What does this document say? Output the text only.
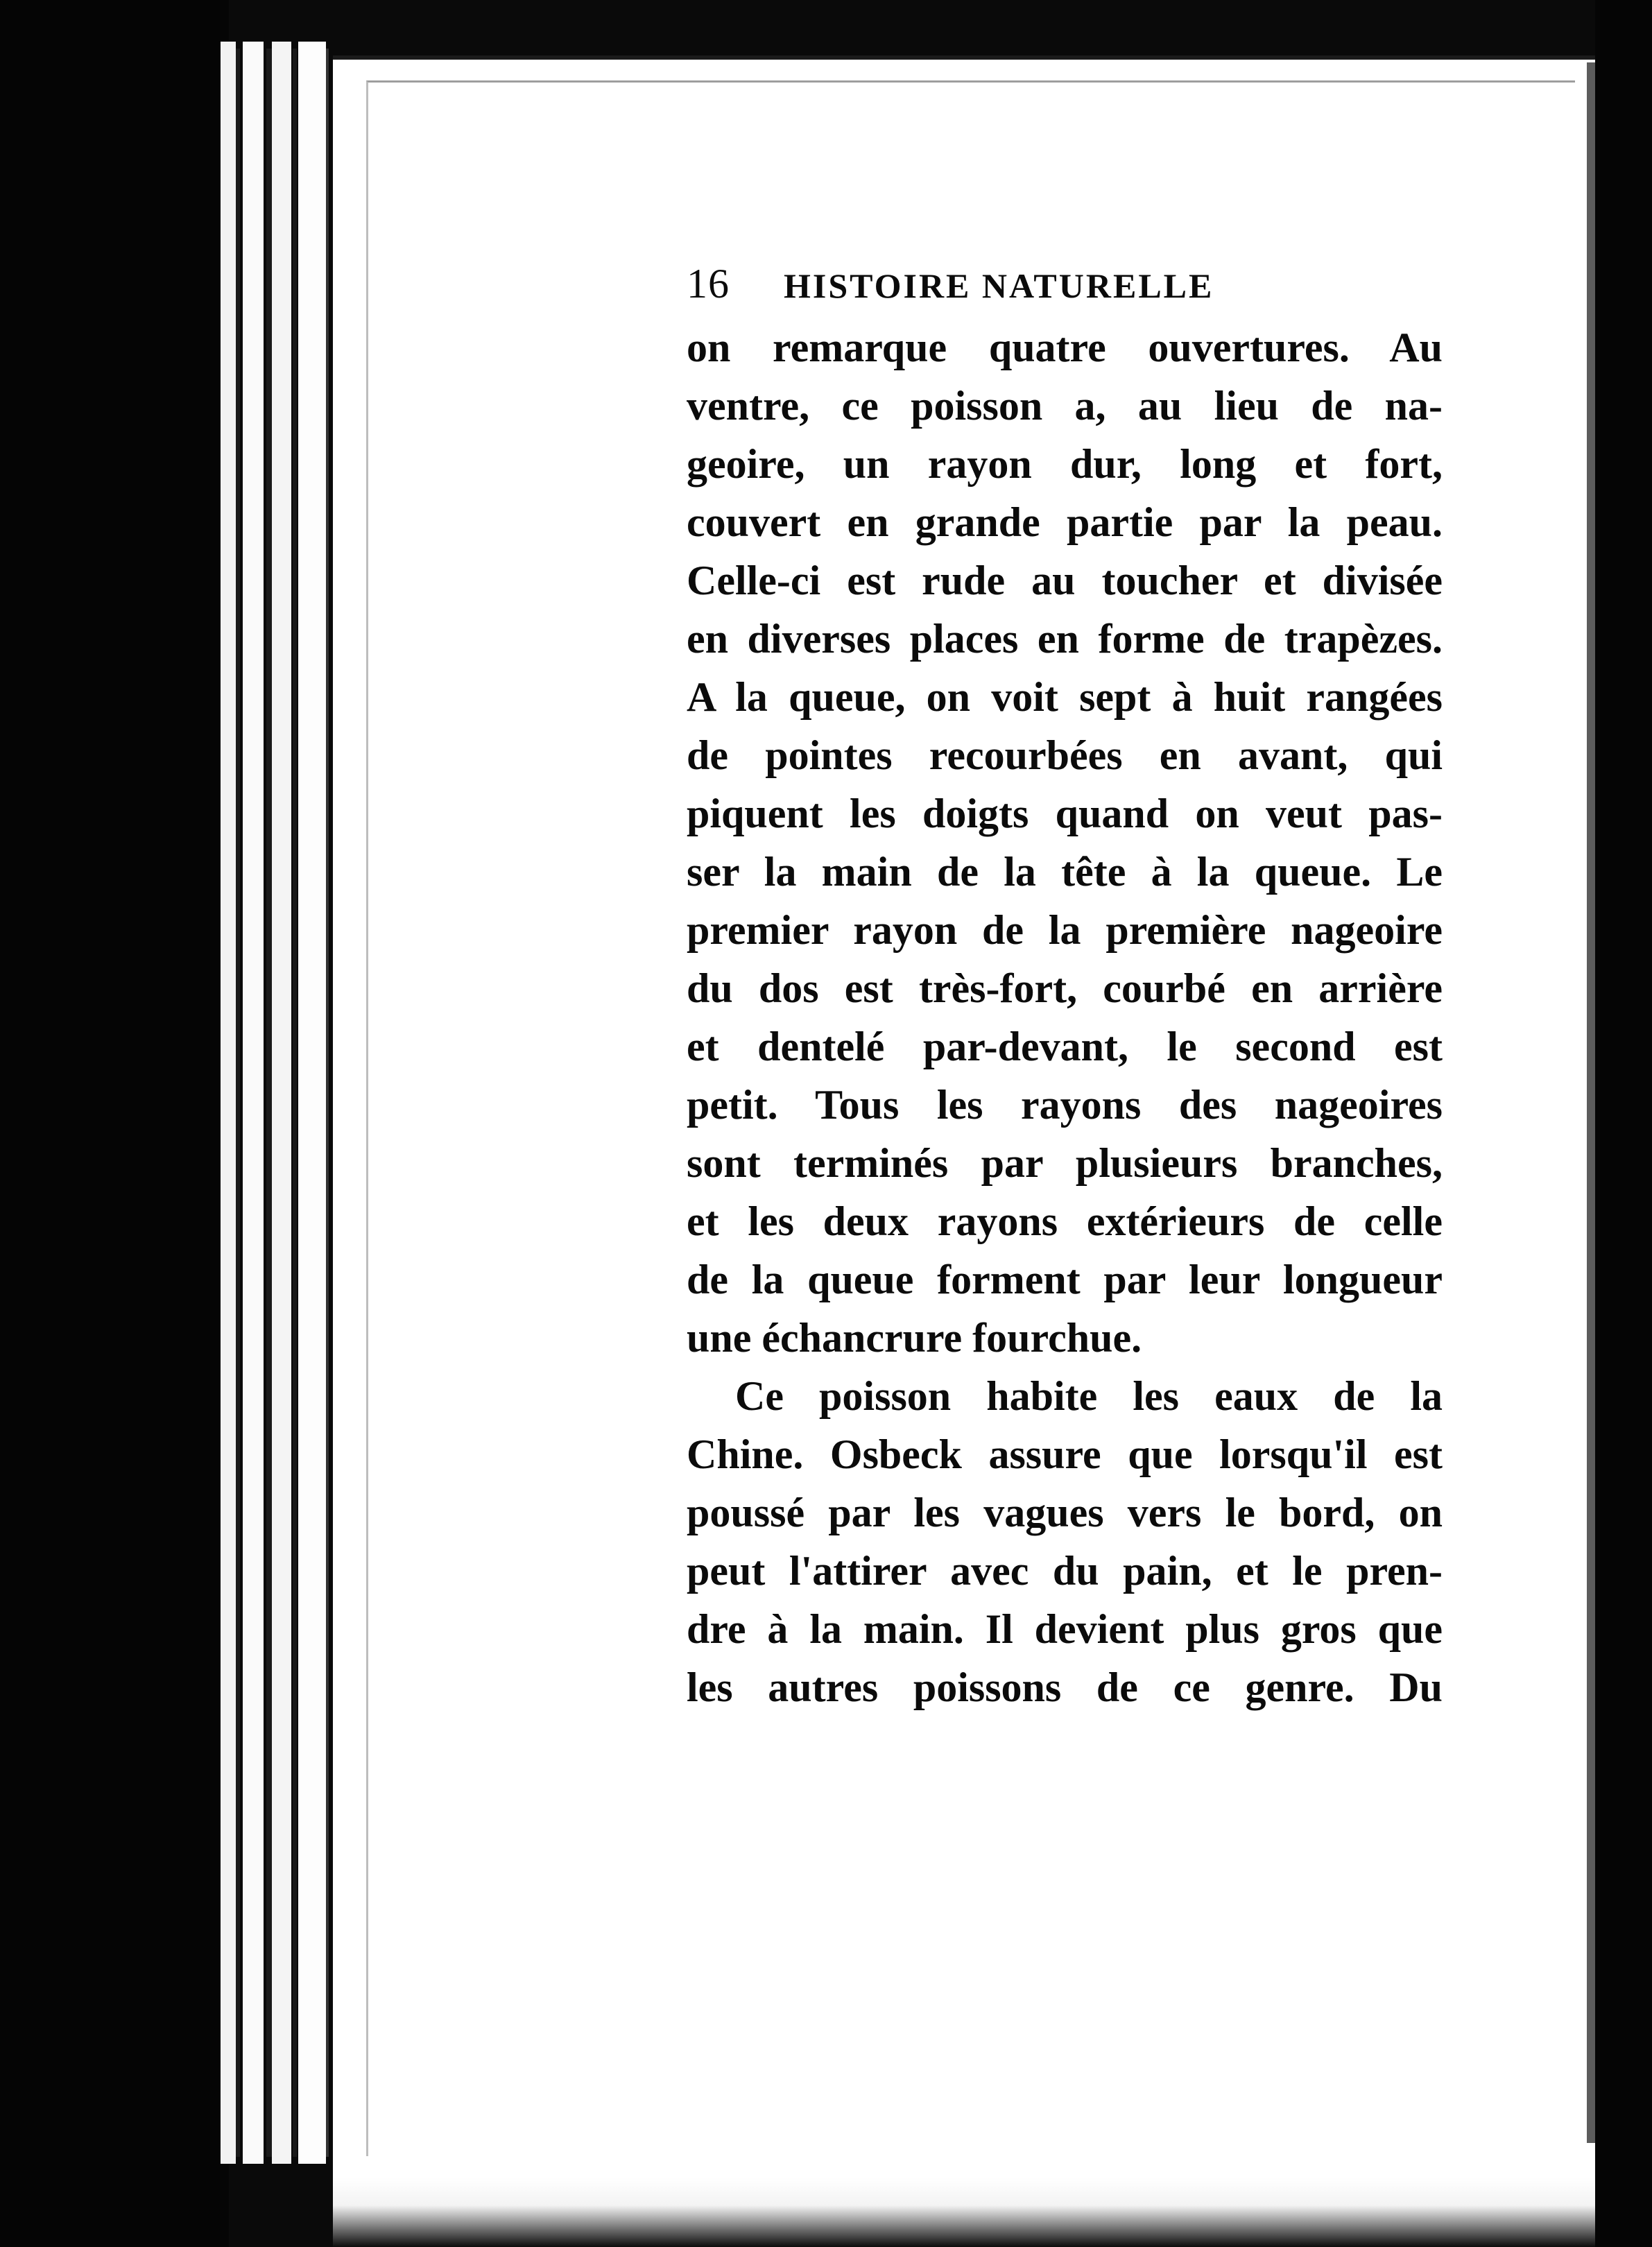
16	HISTOIRE NATURELLE
on remarque quatre ouvertures. Au
ventre, ce poisson a, au lieu de na-
geoire, un rayon dur, long et fort,
couvert en grande partie par la peau.
Celle-ci est rude au toucher et divisée
en diverses places en forme de trapèzes.
A la queue, on voit sept à huit rangées
de pointes recourbées en avant, qui
piquent les doigts quand on veut pas-
ser la main de la tête à la queue. Le
premier rayon de la première nageoire
du dos est très-fort, courbé en arrière
et dentelé par-devant, le second est
petit. Tous les rayons des nageoires
sont terminés par plusieurs branches,
et les deux rayons extérieurs de celle
de la queue forment par leur longueur
une échancrure fourchue.
Ce poisson habite les eaux de la
Chine. Osbeck assure que lorsqu'il est
poussé par les vagues vers le bord, on
peut l'attirer avec du pain, et le pren-
dre à la main. Il devient plus gros que
les autres poissons de ce genre. Du
